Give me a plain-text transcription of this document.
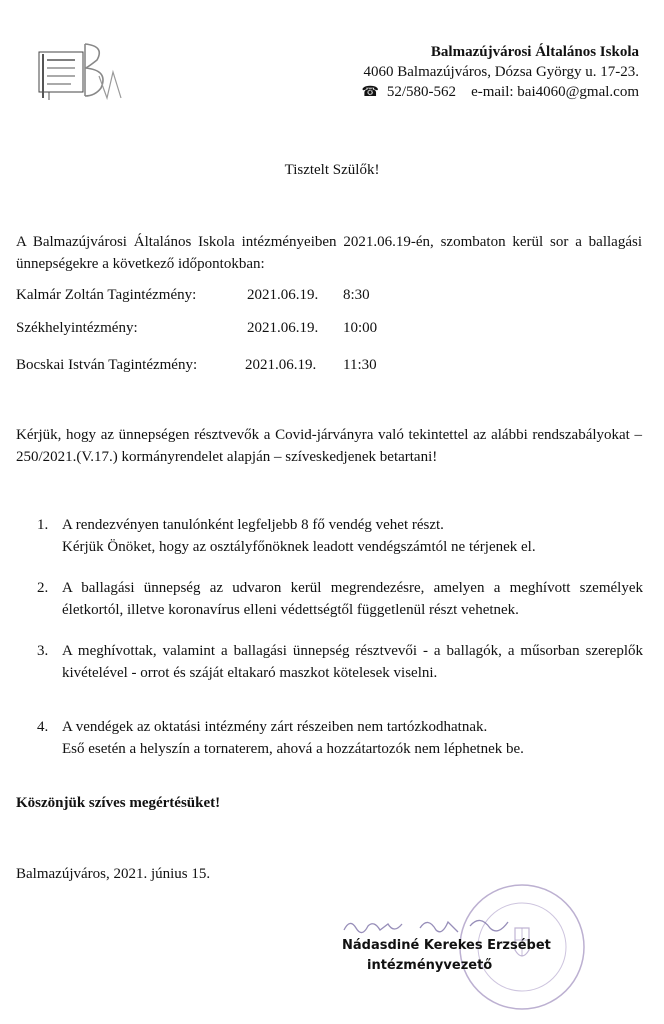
Balmazújvárosi Általános Iskola
4060 Balmazújváros, Dózsa György u. 17-23.
☎ 52/580-562 e-mail: bai4060@gmal.com
Tisztelt Szülők!
A Balmazújvárosi Általános Iskola intézményeiben 2021.06.19-én, szombaton kerül sor a ballagási ünnepségekre a következő időpontokban:
Kalmár Zoltán Tagintézmény:	2021.06.19. 8:30
Székhelyintézmény:	2021.06.19. 10:00
Bocskai István Tagintézmény:	2021.06.19. 11:30
Kérjük, hogy az ünnepségen résztvevők a Covid-járványra való tekintettel az alábbi rendszabályokat – 250/2021.(V.17.) kormányrendelet alapján – szíveskedjenek betartani!
1. A rendezvényen tanulónként legfeljebb 8 fő vendég vehet részt.
Kérjük Önöket, hogy az osztályfőnöknek leadott vendégszámtól ne térjenek el.
2. A ballagási ünnepség az udvaron kerül megrendezésre, amelyen a meghívott személyek életkortól, illetve koronavírus elleni védettségtől függetlenül részt vehetnek.
3. A meghívottak, valamint a ballagási ünnepség résztvevői - a ballagók, a műsorban szereplők kivételével - orrot és száját eltakaró maszkot kötelesek viselni.
4. A vendégek az oktatási intézmény zárt részeiben nem tartózkodhatnak.
Eső esetén a helyszín a tornaterem, ahová a hozzátartozók nem léphetnek be.
Köszönjük szíves megértésüket!
Balmazújváros, 2021. június 15.
Nádasdiné Kerekes Erzsébet
intézményvezető
